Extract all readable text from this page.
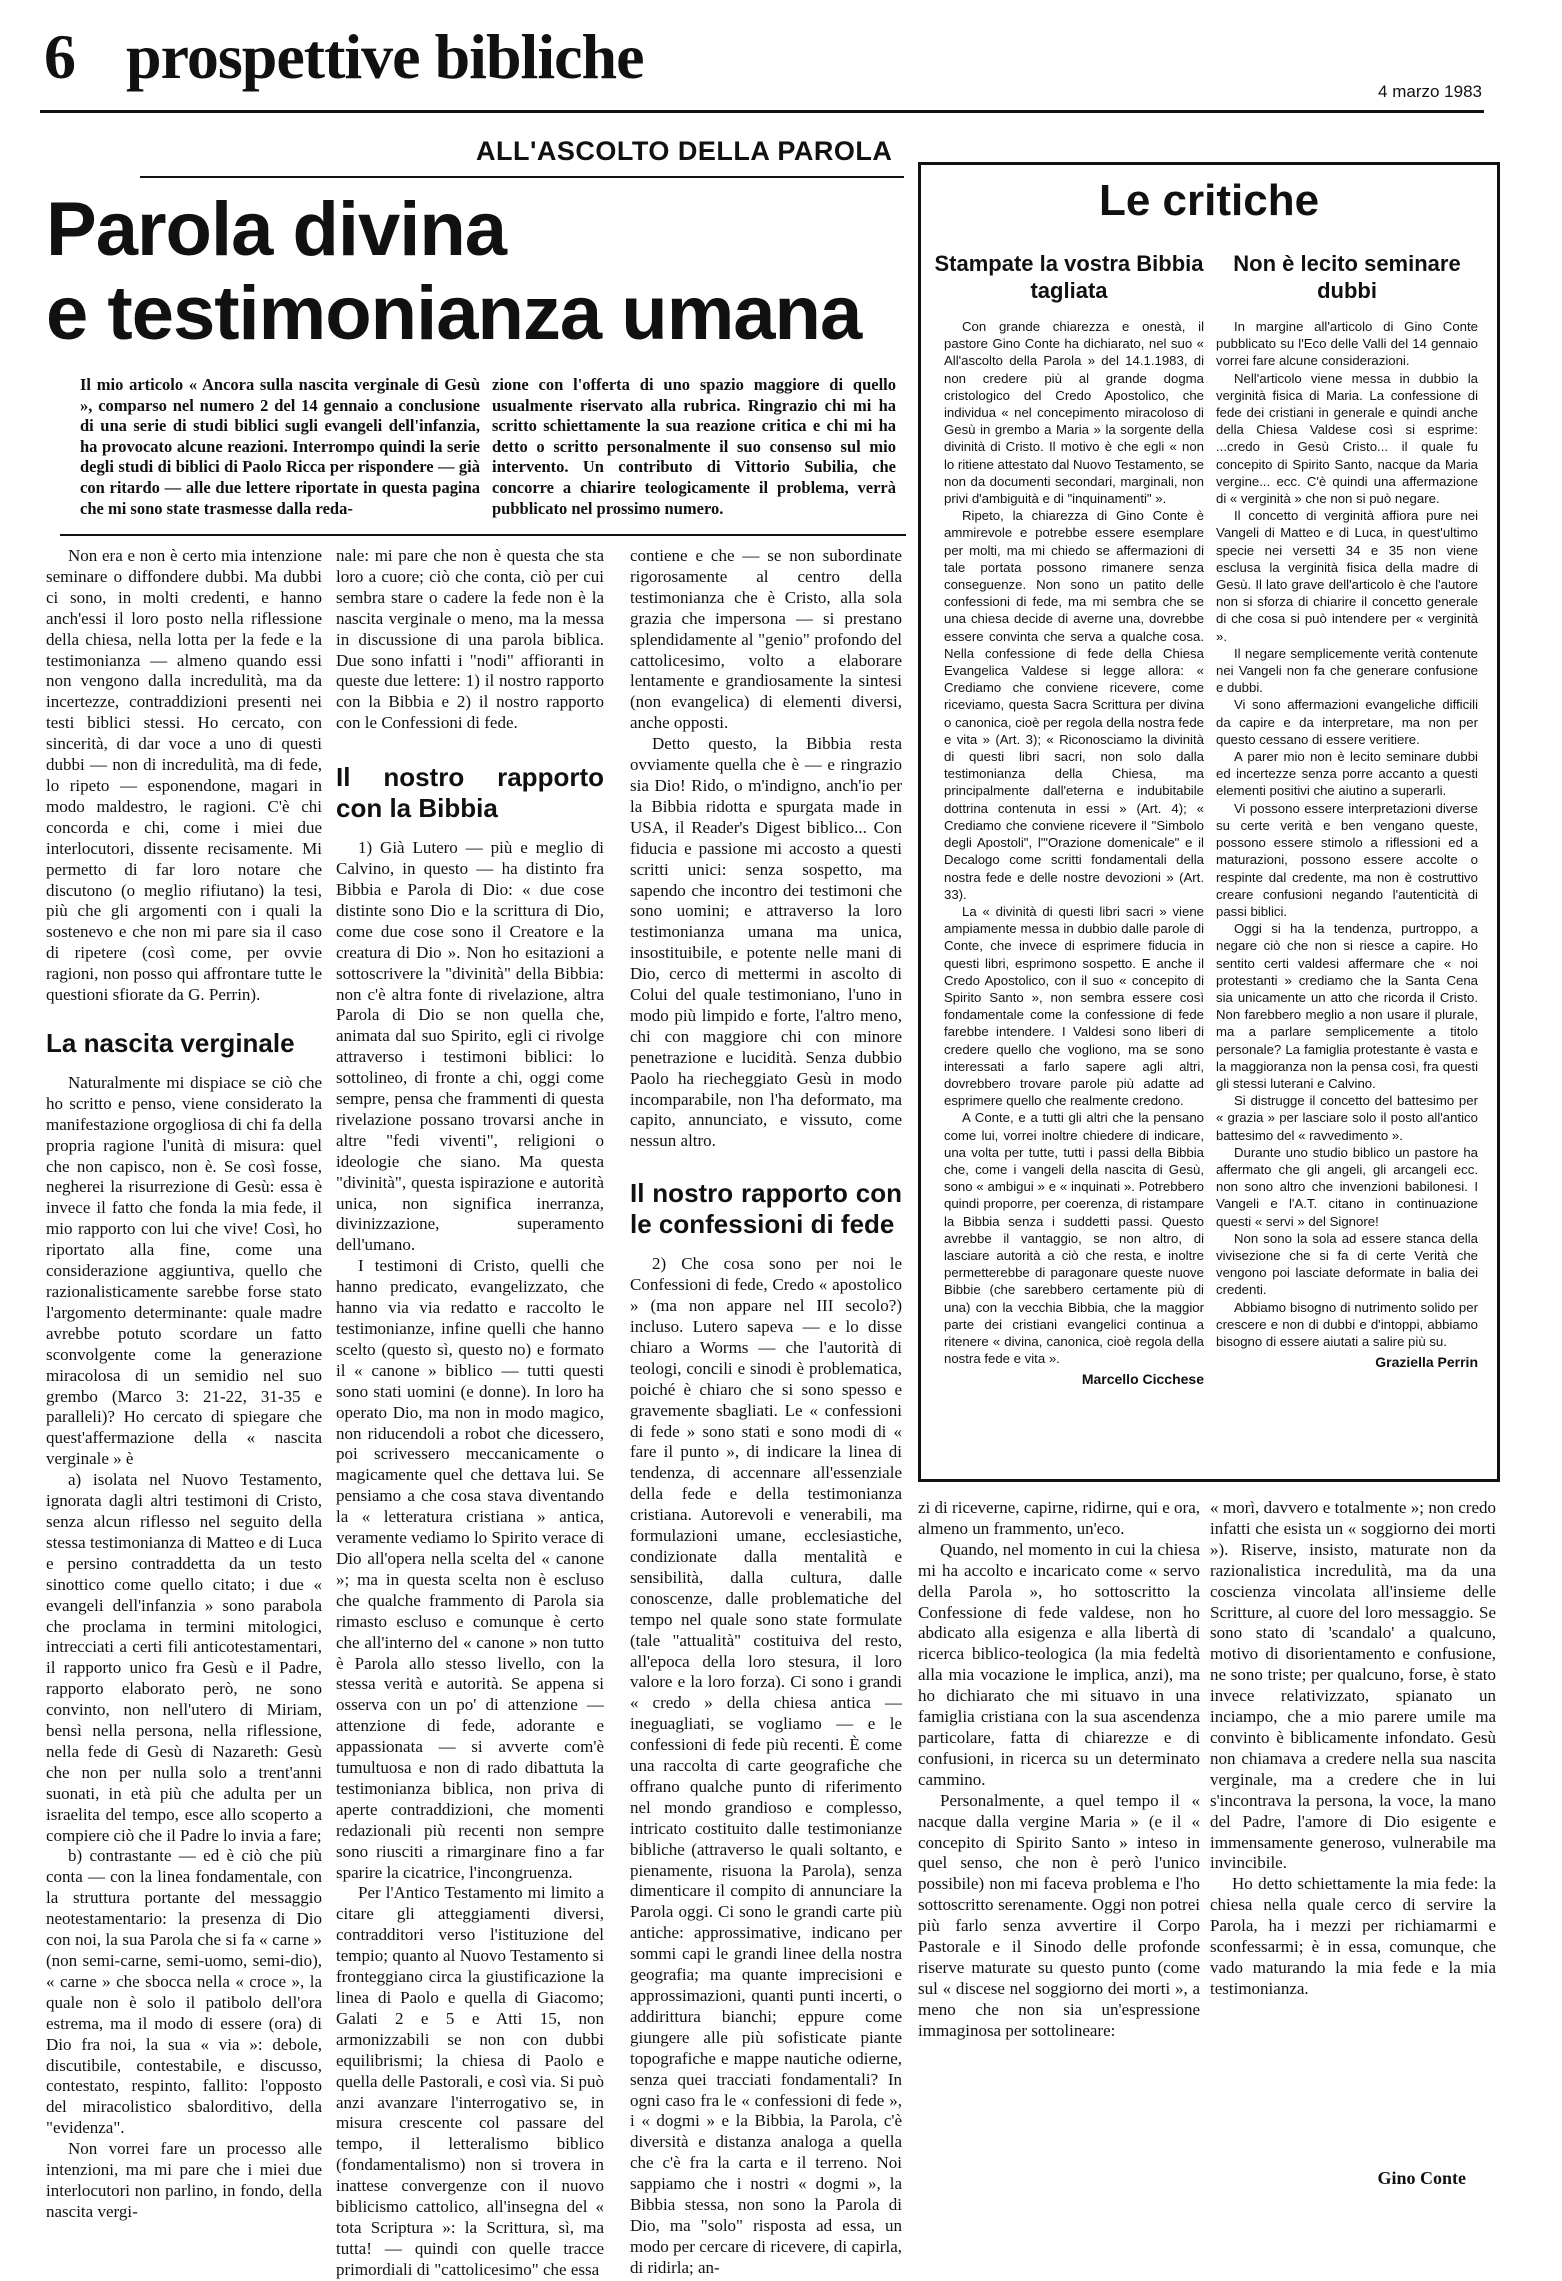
6 prospettive bibliche	4 marzo 1983
ALL'ASCOLTO DELLA PAROLA
Parola divina
e testimonianza umana
Il mio articolo « Ancora sulla nascita verginale di Gesù », comparso nel numero 2 del 14 gennaio a conclusione di una serie di studi biblici sugli evangeli dell'infanzia, ha provocato alcune reazioni. Interrompo quindi la serie degli studi di biblici di Paolo Ricca per rispondere — già con ritardo — alle due lettere riportate in questa pagina che mi sono state trasmesse dalla reda-
zione con l'offerta di uno spazio maggiore di quello usualmente riservato alla rubrica. Ringrazio chi mi ha scritto schiettamente la sua reazione critica e chi mi ha detto o scritto personalmente il suo consenso sul mio intervento. Un contributo di Vittorio Subilia, che concorre a chiarire teologicamente il problema, verrà pubblicato nel prossimo numero.

Non era e non è certo mia intenzione seminare o diffondere dubbi. Ma dubbi ci sono, in molti credenti, e hanno anch'essi il loro posto nella riflessione della chiesa, nella lotta per la fede e la testimonianza — almeno quando essi non vengono dalla incredulità, ma da incertezze, contraddizioni presenti nei testi biblici stessi. Ho cercato, con sincerità, di dar voce a uno di questi dubbi — non di incredulità, ma di fede, lo ripeto — esponendone, magari in modo maldestro, le ragioni. C'è chi concorda e chi, come i miei due interlocutori, dissente recisamente. Mi permetto di far loro notare che discutono (o meglio rifiutano) la tesi, più che gli argomenti con i quali la sostenevo e che non mi pare sia il caso di ripetere (così come, per ovvie ragioni, non posso qui affrontare tutte le questioni sfiorate da G. Perrin).

La nascita verginale

Naturalmente mi dispiace se ciò che ho scritto e penso, viene considerato la manifestazione orgogliosa di chi fa della propria ragione l'unità di misura: quel che non capisco, non è. Se così fosse, negherei la risurrezione di Gesù: essa è invece il fatto che fonda la mia fede, il mio rapporto con lui che vive! Così, ho riportato alla fine, come una considerazione aggiuntiva, quello che razionalisticamente sarebbe forse stato l'argomento determinante: quale madre avrebbe potuto scordare un fatto sconvolgente come la generazione miracolosa di un semidio nel suo grembo (Marco 3: 21-22, 31-35 e paralleli)? Ho cercato di spiegare che quest'affermazione della « nascita verginale » è

a) isolata nel Nuovo Testamento, ignorata dagli altri testimoni di Cristo, senza alcun riflesso nel seguito della stessa testimonianza di Matteo e di Luca e persino contraddetta da un testo sinottico come quello citato; i due « evangeli dell'infanzia » sono parabola che proclama in termini mitologici, intrecciati a certi fili anticotestamentari, il rapporto unico fra Gesù e il Padre, rapporto elaborato però, ne sono convinto, non nell'utero di Miriam, bensì nella persona, nella riflessione, nella fede di Gesù di Nazareth: Gesù che non per nulla solo a trent'anni suonati, in età più che adulta per un israelita del tempo, esce allo scoperto a compiere ciò che il Padre lo invia a fare;

b) contrastante — ed è ciò che più conta — con la linea fondamentale, con la struttura portante del messaggio neotestamentario: la presenza di Dio con noi, la sua Parola che si fa « carne » (non semi-carne, semi-uomo, semi-dio), « carne » che sbocca nella « croce », la quale non è solo il patibolo dell'ora estrema, ma il modo di essere (ora) di Dio fra noi, la sua « via »: debole, discutibile, contestabile, e discusso, contestato, respinto, fallito: l'opposto del miracolistico sbalorditivo, della "evidenza".

Non vorrei fare un processo alle intenzioni, ma mi pare che i miei due interlocutori non parlino, in fondo, della nascita vergi-

nale: mi pare che non è questa che sta loro a cuore; ciò che conta, ciò per cui sembra stare o cadere la fede non è la nascita verginale o meno, ma la messa in discussione di una parola biblica. Due sono infatti i "nodi" affioranti in queste due lettere: 1) il nostro rapporto con la Bibbia e 2) il nostro rapporto con le Confessioni di fede.

Il nostro rapporto con la Bibbia

1) Già Lutero — più e meglio di Calvino, in questo — ha distinto fra Bibbia e Parola di Dio: « due cose distinte sono Dio e la scrittura di Dio, come due cose sono il Creatore e la creatura di Dio ». Non ho esitazioni a sottoscrivere la "divinità" della Bibbia: non c'è altra fonte di rivelazione, altra Parola di Dio se non quella che, animata dal suo Spirito, egli ci rivolge attraverso i testimoni biblici: lo sottolineo, di fronte a chi, oggi come sempre, pensa che frammenti di questa rivelazione possano trovarsi anche in altre "fedi viventi", religioni o ideologie che siano. Ma questa "divinità", questa ispirazione e autorità unica, non significa inerranza, divinizzazione, superamento dell'umano.

I testimoni di Cristo, quelli che hanno predicato, evangelizzato, che hanno via via redatto e raccolto le testimonianze, infine quelli che hanno scelto (questo sì, questo no) e formato il « canone » biblico — tutti questi sono stati uomini (e donne). In loro ha operato Dio, ma non in modo magico, non riducendoli a robot che dicessero, poi scrivessero meccanicamente o magicamente quel che dettava lui. Se pensiamo a che cosa stava diventando la « letteratura cristiana » antica, veramente vediamo lo Spirito verace di Dio all'opera nella scelta del « canone »; ma in questa scelta non è escluso che qualche frammento di Parola sia rimasto escluso e comunque è certo che all'interno del « canone » non tutto è Parola allo stesso livello, con la stessa verità e autorità. Se appena si osserva con un po' di attenzione — attenzione di fede, adorante e appassionata — si avverte com'è tumultuosa e non di rado dibattuta la testimonianza biblica, non priva di aperte contraddizioni, che momenti redazionali più recenti non sempre sono riusciti a rimarginare fino a far sparire la cicatrice, l'incongruenza.

Per l'Antico Testamento mi limito a citare gli atteggiamenti diversi, contradditori verso l'istituzione del tempio; quanto al Nuovo Testamento si fronteggiano circa la giustificazione la linea di Paolo e quella di Giacomo; Galati 2 e 5 e Atti 15, non armonizzabili se non con dubbi equilibrismi; la chiesa di Paolo e quella delle Pastorali, e così via. Si può anzi avanzare l'interrogativo se, in misura crescente col passare del tempo, il letteralismo biblico (fondamentalismo) non si trovera in inattese convergenze con il nuovo biblicismo cattolico, all'insegna del « tota Scriptura »: la Scrittura, sì, ma tutta! — quindi con quelle tracce primordiali di "cattolicesimo" che essa

contiene e che — se non subordinate rigorosamente al centro della testimonianza che è Cristo, alla sola grazia che impersona — si prestano splendidamente al "genio" profondo del cattolicesimo, volto a elaborare lentamente e grandiosamente la sintesi (non evangelica) di elementi diversi, anche opposti.

Detto questo, la Bibbia resta ovviamente quella che è — e ringrazio sia Dio! Rido, o m'indigno, anch'io per la Bibbia ridotta e spurgata made in USA, il Reader's Digest biblico... Con fiducia e passione mi accosto a questi scritti unici: senza sospetto, ma sapendo che incontro dei testimoni che sono uomini; e attraverso la loro testimonianza umana ma unica, insostituibile, e potente nelle mani di Dio, cerco di mettermi in ascolto di Colui del quale testimoniano, l'uno in modo più limpido e forte, l'altro meno, chi con maggiore chi con minore penetrazione e lucidità. Senza dubbio Paolo ha riecheggiato Gesù in modo incomparabile, non l'ha deformato, ma capito, annunciato, e vissuto, come nessun altro.

Il nostro rapporto con le confessioni di fede

2) Che cosa sono per noi le Confessioni di fede, Credo « apostolico » (ma non appare nel III secolo?) incluso. Lutero sapeva — e lo disse chiaro a Worms — che l'autorità di teologi, concili e sinodi è problematica, poiché è chiaro che si sono spesso e gravemente sbagliati. Le « confessioni di fede » sono stati e sono modi di « fare il punto », di indicare la linea di tendenza, di accennare all'essenziale della fede e della testimonianza cristiana. Autorevoli e venerabili, ma formulazioni umane, ecclesiastiche, condizionate dalla mentalità e sensibilità, dalla cultura, dalle conoscenze, dalle problematiche del tempo nel quale sono state formulate (tale "attualità" costituiva del resto, all'epoca della loro stesura, il loro valore e la loro forza). Ci sono i grandi « credo » della chiesa antica — ineguagliati, se vogliamo — e le confessioni di fede più recenti. È come una raccolta di carte geografiche che offrano qualche punto di riferimento nel mondo grandioso e complesso, intricato costituito dalle testimonianze bibliche (attraverso le quali soltanto, e pienamente, risuona la Parola), senza dimenticare il compito di annunciare la Parola oggi. Ci sono le grandi carte più antiche: approssimative, indicano per sommi capi le grandi linee della nostra geografia; ma quante imprecisioni e approssimazioni, quanti punti incerti, o addirittura bianchi; eppure come giungere alle più sofisticate piante topografiche e mappe nautiche odierne, senza quei tracciati fondamentali? In ogni caso fra le « confessioni di fede », i « dogmi » e la Bibbia, la Parola, c'è diversità e distanza analoga a quella che c'è fra la carta e il terreno. Noi sappiamo che i nostri « dogmi », la Bibbia stessa, non sono la Parola di Dio, ma "solo" risposta ad essa, un modo per cercare di ricevere, di capirla, di ridirla; an-

Le critiche
Stampate la vostra Bibbia tagliata

Con grande chiarezza e onestà, il pastore Gino Conte ha dichiarato, nel suo « All'ascolto della Parola » del 14.1.1983, di non credere più al grande dogma cristologico del Credo Apostolico, che individua « nel concepimento miracoloso di Gesù in grembo a Maria » la sorgente della divinità di Cristo. Il motivo è che egli « non lo ritiene attestato dal Nuovo Testamento, se non da documenti secondari, marginali, non privi d'ambiguità e di "inquinamenti" ».

Ripeto, la chiarezza di Gino Conte è ammirevole e potrebbe essere esemplare per molti, ma mi chiedo se affermazioni di tale portata possono rimanere senza conseguenze. Non sono un patito delle confessioni di fede, ma mi sembra che se una chiesa decide di averne una, dovrebbe essere convinta che serva a qualche cosa. Nella confessione di fede della Chiesa Evangelica Valdese si legge allora: « Crediamo che conviene ricevere, come riceviamo, questa Sacra Scrittura per divina o canonica, cioè per regola della nostra fede e vita » (Art. 3); « Riconosciamo la divinità di questi libri sacri, non solo dalla testimonianza della Chiesa, ma principalmente dall'eterna e indubitabile dottrina contenuta in essi » (Art. 4); « Crediamo che conviene ricevere il "Simbolo degli Apostoli", l'"Orazione domenicale" e il Decalogo come scritti fondamentali della nostra fede e delle nostre devozioni » (Art. 33).

La « divinità di questi libri sacri » viene ampiamente messa in dubbio dalle parole di Conte, che invece di esprimere fiducia in questi libri, esprimono sospetto. E anche il Credo Apostolico, con il suo « concepito di Spirito Santo », non sembra essere così fondamentale come la confessione di fede farebbe intendere. I Valdesi sono liberi di credere quello che vogliono, ma se sono interessati a farlo sapere agli altri, dovrebbero trovare parole più adatte ad esprimere quello che realmente credono.

A Conte, e a tutti gli altri che la pensano come lui, vorrei inoltre chiedere di indicare, una volta per tutte, tutti i passi della Bibbia che, come i vangeli della nascita di Gesù, sono « ambigui » e « inquinati ». Potrebbero quindi proporre, per coerenza, di ristampare la Bibbia senza i suddetti passi. Questo avrebbe il vantaggio, se non altro, di lasciare autorità a ciò che resta, e inoltre permetterebbe di paragonare queste nuove Bibbie (che sarebbero certamente più di una) con la vecchia Bibbia, che la maggior parte dei cristiani evangelici continua a ritenere « divina, canonica, cioè regola della nostra fede e vita ».

Marcello Cicchese
Non è lecito seminare dubbi

In margine all'articolo di Gino Conte pubblicato su l'Eco delle Valli del 14 gennaio vorrei fare alcune considerazioni.

Nell'articolo viene messa in dubbio la verginità fisica di Maria. La confessione di fede dei cristiani in generale e quindi anche della Chiesa Valdese così si esprime: ...credo in Gesù Cristo... il quale fu concepito di Spirito Santo, nacque da Maria vergine... ecc. C'è quindi una affermazione di « verginità » che non si può negare.

Il concetto di verginità affiora pure nei Vangeli di Matteo e di Luca, in quest'ultimo specie nei versetti 34 e 35 non viene esclusa la verginità fisica della madre di Gesù. Il lato grave dell'articolo è che l'autore non si sforza di chiarire il concetto generale di che cosa si può intendere per « verginità ».

Il negare semplicemente verità contenute nei Vangeli non fa che generare confusione e dubbi.

Vi sono affermazioni evangeliche difficili da capire e da interpretare, ma non per questo cessano di essere veritiere.

A parer mio non è lecito seminare dubbi ed incertezze senza porre accanto a questi elementi positivi che aiutino a superarli.

Vi possono essere interpretazioni diverse su certe verità e ben vengano queste, possono essere stimolo a riflessioni ed a maturazioni, possono essere accolte o respinte dal credente, ma non è costruttivo creare confusioni negando l'autenticità di passi biblici.

Oggi si ha la tendenza, purtroppo, a negare ciò che non si riesce a capire. Ho sentito certi valdesi affermare che « noi protestanti » crediamo che la Santa Cena sia unicamente un atto che ricorda il Cristo. Non farebbero meglio a non usare il plurale, ma a parlare semplicemente a titolo personale? La famiglia protestante è vasta e la maggioranza non la pensa così, fra questi gli stessi luterani e Calvino.

Si distrugge il concetto del battesimo per « grazia » per lasciare solo il posto all'antico battesimo del « ravvedimento ».

Durante uno studio biblico un pastore ha affermato che gli angeli, gli arcangeli ecc. non sono altro che invenzioni babilonesi. I Vangeli e l'A.T. citano in continuazione questi « servi » del Signore!

Non sono la sola ad essere stanca della vivisezione che si fa di certe Verità che vengono poi lasciate deformate in balia dei credenti.

Abbiamo bisogno di nutrimento solido per crescere e non di dubbi e d'intoppi, abbiamo bisogno di essere aiutati a salire più su.

Graziella Perrin

zi di riceverne, capirne, ridirne, qui e ora, almeno un frammento, un'eco.

Quando, nel momento in cui la chiesa mi ha accolto e incaricato come « servo della Parola », ho sottoscritto la Confessione di fede valdese, non ho abdicato alla esigenza e alla libertà di ricerca biblico-teologica (la mia fedeltà alla mia vocazione le implica, anzi), ma ho dichiarato che mi situavo in una famiglia cristiana con la sua ascendenza particolare, fatta di chiarezze e di confusioni, in ricerca su un determinato cammino.

Personalmente, a quel tempo il « nacque dalla vergine Maria » (e il « concepito di Spirito Santo » inteso in quel senso, che non è però l'unico possibile) non mi faceva problema e l'ho sottoscritto serenamente. Oggi non potrei più farlo senza avvertire il Corpo Pastorale e il Sinodo delle profonde riserve maturate su questo punto (come sul « discese nel soggiorno dei morti », a meno che non sia un'espressione immaginosa per sottolineare:

« morì, davvero e totalmente »; non credo infatti che esista un « soggiorno dei morti »). Riserve, insisto, maturate non da razionalistica incredulità, ma da una coscienza vincolata all'insieme delle Scritture, al cuore del loro messaggio. Se sono stato di 'scandalo' a qualcuno, motivo di disorientamento e confusione, ne sono triste; per qualcuno, forse, è stato invece relativizzato, spianato un inciampo, che a mio parere umile ma convinto è biblicamente infondato. Gesù non chiamava a credere nella sua nascita verginale, ma a credere che in lui s'incontrava la persona, la voce, la mano del Padre, l'amore di Dio esigente e immensamente generoso, vulnerabile ma invincibile.

Ho detto schiettamente la mia fede: la chiesa nella quale cerco di servire la Parola, ha i mezzi per richiamarmi e sconfessarmi; è in essa, comunque, che vado maturando la mia fede e la mia testimonianza.

Gino Conte
